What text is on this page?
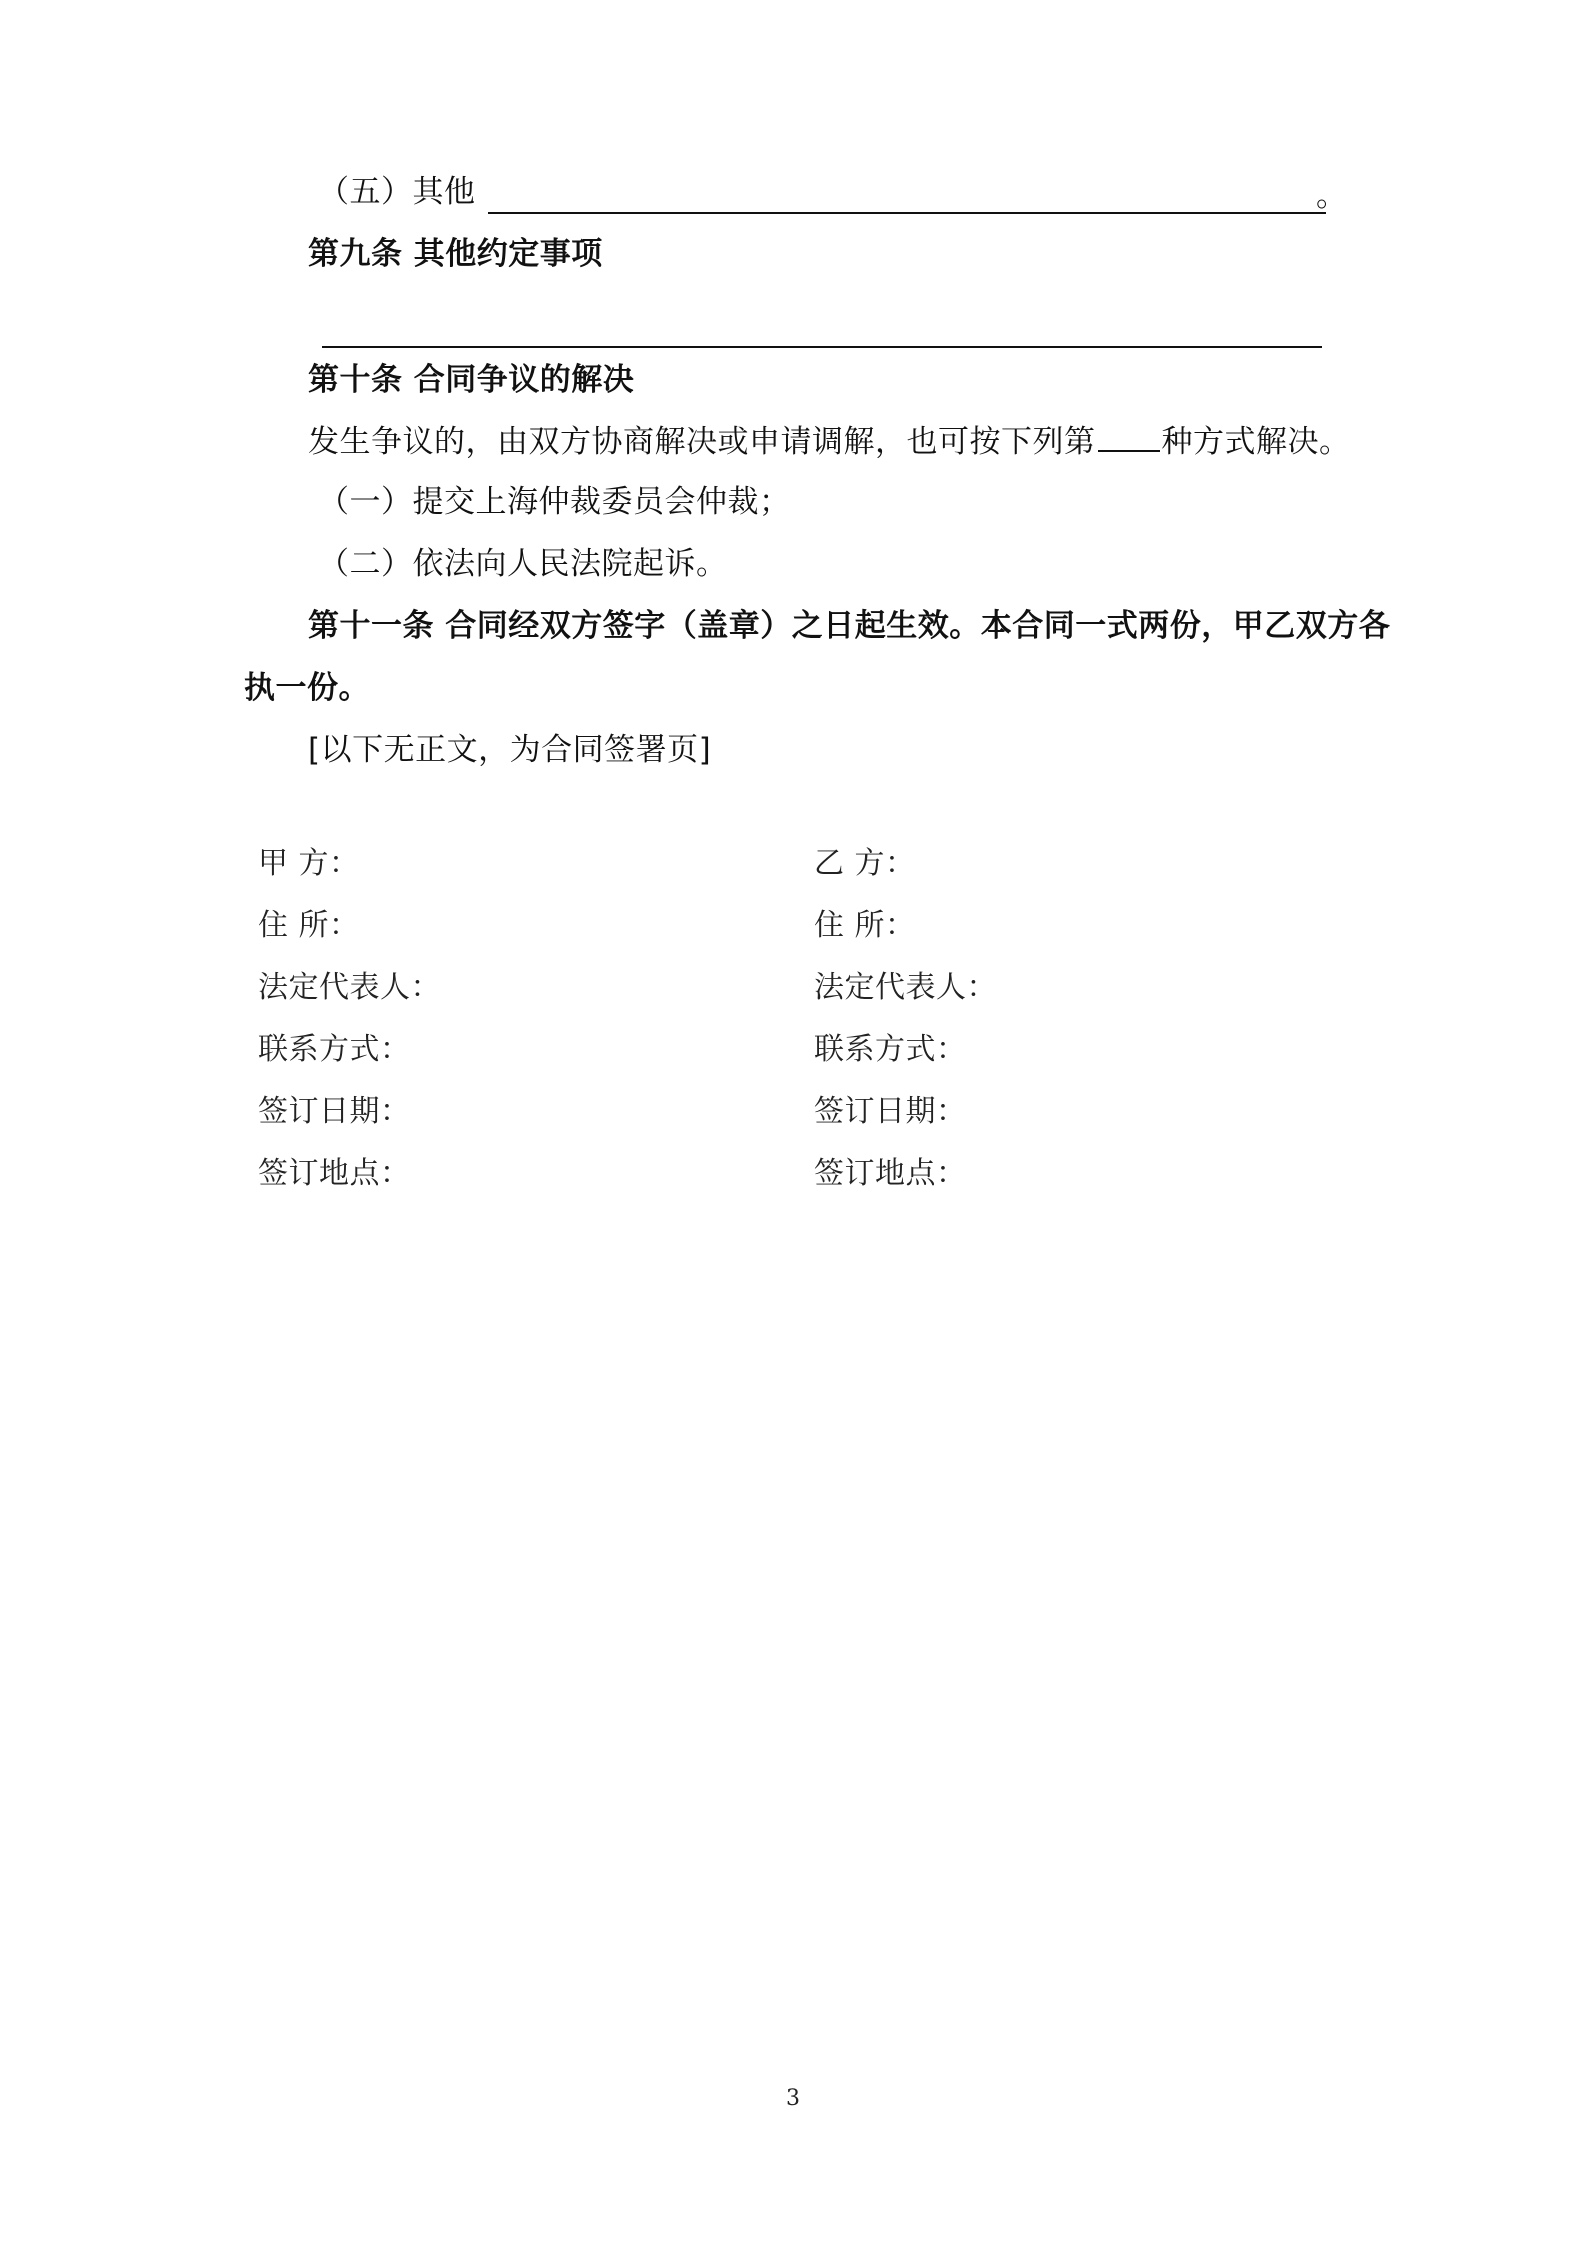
（五）其他	。
第九条 其他约定事项
第十条 合同争议的解决
发生争议的，由双方协商解决或申请调解，也可按下列第 种方式解决。
（一）提交上海仲裁委员会仲裁；
（二）依法向人民法院起诉。
第十一条 合同经双方签字（盖章）之日起生效。本合同一式两份，甲乙双方各
执一份。
[以下无正文，为合同签署页]
甲 方：
住 所：
法定代表人：
联系方式：
签订日期：
签订地点：
乙 方：
住 所：
法定代表人：
联系方式：
签订日期：
签订地点：
3
